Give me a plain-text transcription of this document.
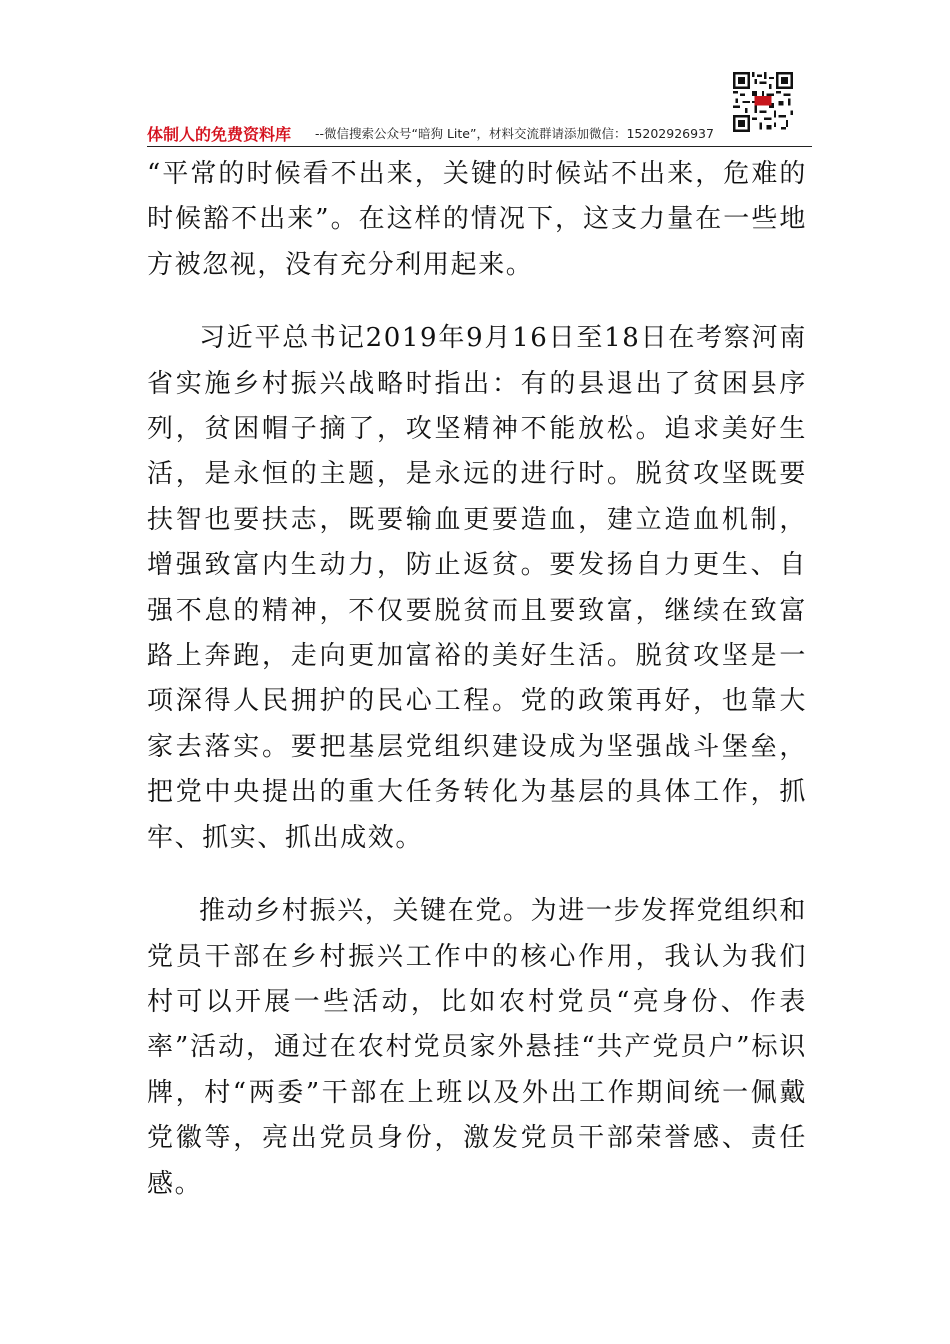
体制人的免费资料库 --微信搜索公众号“暗狗 Lite”，材料交流群请添加微信：15202926937

“平常的时候看不出来，关键的时候站不出来，危难的时候豁不出来”。在这样的情况下，这支力量在一些地方被忽视，没有充分利用起来。

习近平总书记2019年9月16日至18日在考察河南省实施乡村振兴战略时指出：有的县退出了贫困县序列，贫困帽子摘了，攻坚精神不能放松。追求美好生活，是永恒的主题，是永远的进行时。脱贫攻坚既要扶智也要扶志，既要输血更要造血，建立造血机制，增强致富内生动力，防止返贫。要发扬自力更生、自强不息的精神，不仅要脱贫而且要致富，继续在致富路上奔跑，走向更加富裕的美好生活。脱贫攻坚是一项深得人民拥护的民心工程。党的政策再好，也靠大家去落实。要把基层党组织建设成为坚强战斗堡垒，把党中央提出的重大任务转化为基层的具体工作，抓牢、抓实、抓出成效。

推动乡村振兴，关键在党。为进一步发挥党组织和党员干部在乡村振兴工作中的核心作用，我认为我们村可以开展一些活动，比如农村党员“亮身份、作表率”活动，通过在农村党员家外悬挂“共产党员户”标识牌，村“两委”干部在上班以及外出工作期间统一佩戴党徽等，亮出党员身份，激发党员干部荣誉感、责任感。
